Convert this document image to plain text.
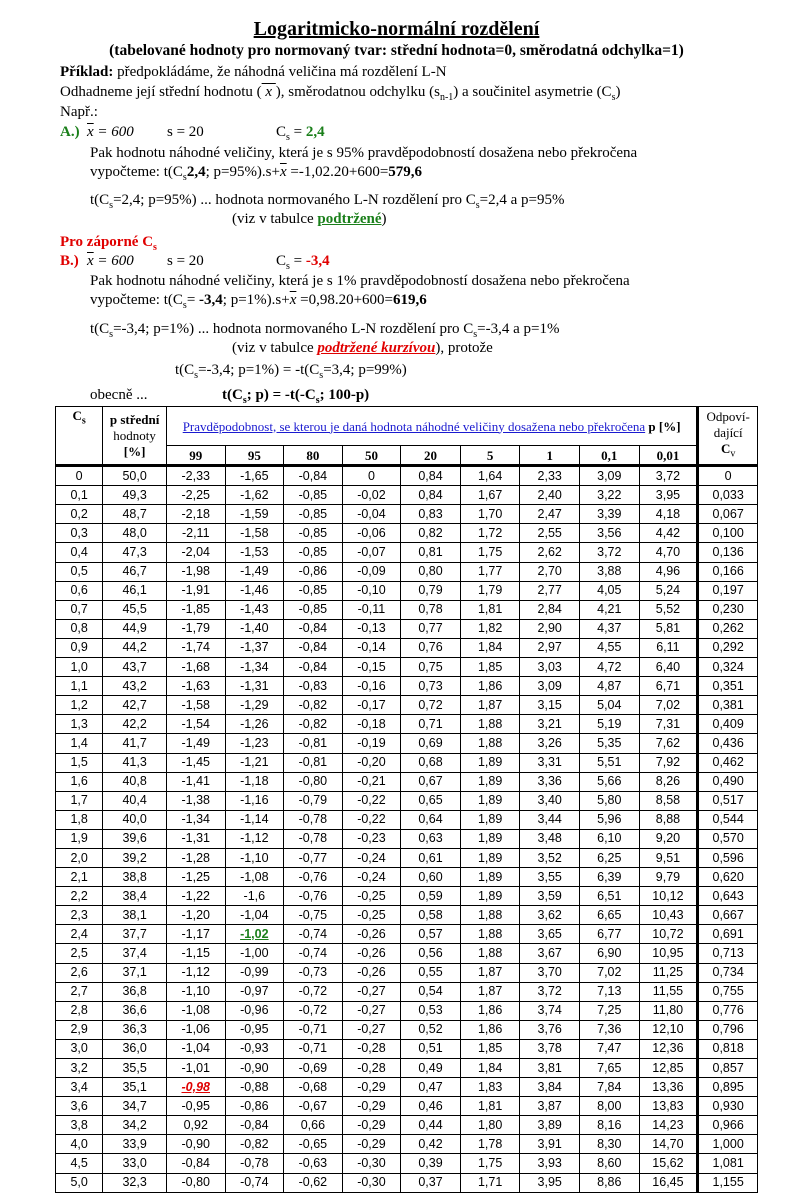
Logaritmicko-normální rozdělení
(tabelované hodnoty pro normovaný tvar: střední hodnota=0, směrodatná odchylka=1)
Příklad: předpokládáme, že náhodná veličina má rozdělení L-N
Odhadneme její střední hodnotu ( x ), směrodatnou odchylku $(s_{n-1})$ a součinitel asymetrie $(C_s)$
Např.:
A.) $\overline{x} = 600$ s = 20	$C_s = 2,4$
Pak hodnotu náhodné veličiny, která je s 95% pravděpodobností dosažena nebo překročena
vypočteme: $t(C_s2,4$; $p=95\%).s+\overline{x} =-1,02.20+600=579,6$
$t(C_s=2,4$; p=95%) ... hodnota normovaného L-N rozdělení pro $C_s=2,4$ a p=95%
(viz v tabulce podtržené)
Pro záporné $C_s$
B.) $\overline{x} = 600$ s = 20	$C_s = -3,4$
Pak hodnotu náhodné veličiny, která je s 1% pravděpodobností dosažena nebo překročena
vypočteme: $t(C_s= -3,4$; $p=1\%).s+\overline{x} =0,98.20+600=619,6$
$t(C_s=-3,4$; p=1%) ... hodnota normovaného L-N rozdělení pro $C_s=-3,4$ a p=1%
(viz v tabulce podtržené kurzívou), protože
$t(C_s=-3,4$; $p=1\%) = -t(C_s=3,4$; p=99%)
obecně ...	$t(C_s$; $p) = -t(-C_s$; 100-p)
$C_s$	p střední
hodnoty
[%]	Pravděpodobnost, se kterou je daná hodnota náhodné veličiny dosažena nebo překročena p [%]									Odpoví-
dající
$C_v$
		99	95	80	50	20	5	1	0,1	0,01	
0	50,0	-2,33	-1,65	-0,84	0	0,84	1,64	2,33	3,09	3,72	0
0,1	49,3	-2,25	-1,62	-0,85	-0,02	0,84	1,67	2,40	3,22	3,95	0,033
0,2	48,7	-2,18	-1,59	-0,85	-0,04	0,83	1,70	2,47	3,39	4,18	0,067
0,3	48,0	-2,11	-1,58	-0,85	-0,06	0,82	1,72	2,55	3,56	4,42	0,100
0,4	47,3	-2,04	-1,53	-0,85	-0,07	0,81	1,75	2,62	3,72	4,70	0,136
0,5	46,7	-1,98	-1,49	-0,86	-0,09	0,80	1,77	2,70	3,88	4,96	0,166
0,6	46,1	-1,91	-1,46	-0,85	-0,10	0,79	1,79	2,77	4,05	5,24	0,197
0,7	45,5	-1,85	-1,43	-0,85	-0,11	0,78	1,81	2,84	4,21	5,52	0,230
0,8	44,9	-1,79	-1,40	-0,84	-0,13	0,77	1,82	2,90	4,37	5,81	0,262
0,9	44,2	-1,74	-1,37	-0,84	-0,14	0,76	1,84	2,97	4,55	6,11	0,292
1,0	43,7	-1,68	-1,34	-0,84	-0,15	0,75	1,85	3,03	4,72	6,40	0,324
1,1	43,2	-1,63	-1,31	-0,83	-0,16	0,73	1,86	3,09	4,87	6,71	0,351
1,2	42,7	-1,58	-1,29	-0,82	-0,17	0,72	1,87	3,15	5,04	7,02	0,381
1,3	42,2	-1,54	-1,26	-0,82	-0,18	0,71	1,88	3,21	5,19	7,31	0,409
1,4	41,7	-1,49	-1,23	-0,81	-0,19	0,69	1,88	3,26	5,35	7,62	0,436
1,5	41,3	-1,45	-1,21	-0,81	-0,20	0,68	1,89	3,31	5,51	7,92	0,462
1,6	40,8	-1,41	-1,18	-0,80	-0,21	0,67	1,89	3,36	5,66	8,26	0,490
1,7	40,4	-1,38	-1,16	-0,79	-0,22	0,65	1,89	3,40	5,80	8,58	0,517
1,8	40,0	-1,34	-1,14	-0,78	-0,22	0,64	1,89	3,44	5,96	8,88	0,544
1,9	39,6	-1,31	-1,12	-0,78	-0,23	0,63	1,89	3,48	6,10	9,20	0,570
2,0	39,2	-1,28	-1,10	-0,77	-0,24	0,61	1,89	3,52	6,25	9,51	0,596
2,1	38,8	-1,25	-1,08	-0,76	-0,24	0,60	1,89	3,55	6,39	9,79	0,620
2,2	38,4	-1,22	-1,6	-0,76	-0,25	0,59	1,89	3,59	6,51	10,12	0,643
2,3	38,1	-1,20	-1,04	-0,75	-0,25	0,58	1,88	3,62	6,65	10,43	0,667
2,4	37,7	-1,17	-1,02	-0,74	-0,26	0,57	1,88	3,65	6,77	10,72	0,691
2,5	37,4	-1,15	-1,00	-0,74	-0,26	0,56	1,88	3,67	6,90	10,95	0,713
2,6	37,1	-1,12	-0,99	-0,73	-0,26	0,55	1,87	3,70	7,02	11,25	0,734
2,7	36,8	-1,10	-0,97	-0,72	-0,27	0,54	1,87	3,72	7,13	11,55	0,755
2,8	36,6	-1,08	-0,96	-0,72	-0,27	0,53	1,86	3,74	7,25	11,80	0,776
2,9	36,3	-1,06	-0,95	-0,71	-0,27	0,52	1,86	3,76	7,36	12,10	0,796
3,0	36,0	-1,04	-0,93	-0,71	-0,28	0,51	1,85	3,78	7,47	12,36	0,818
3,2	35,5	-1,01	-0,90	-0,69	-0,28	0,49	1,84	3,81	7,65	12,85	0,857
3,4	35,1	-0,98	-0,88	-0,68	-0,29	0,47	1,83	3,84	7,84	13,36	0,895
3,6	34,7	-0,95	-0,86	-0,67	-0,29	0,46	1,81	3,87	8,00	13,83	0,930
3,8	34,2	0,92	-0,84	0,66	-0,29	0,44	1,80	3,89	8,16	14,23	0,966
4,0	33,9	-0,90	-0,82	-0,65	-0,29	0,42	1,78	3,91	8,30	14,70	1,000
4,5	33,0	-0,84	-0,78	-0,63	-0,30	0,39	1,75	3,93	8,60	15,62	1,081
5,0	32,3	-0,80	-0,74	-0,62	-0,30	0,37	1,71	3,95	8,86	16,45	1,155
